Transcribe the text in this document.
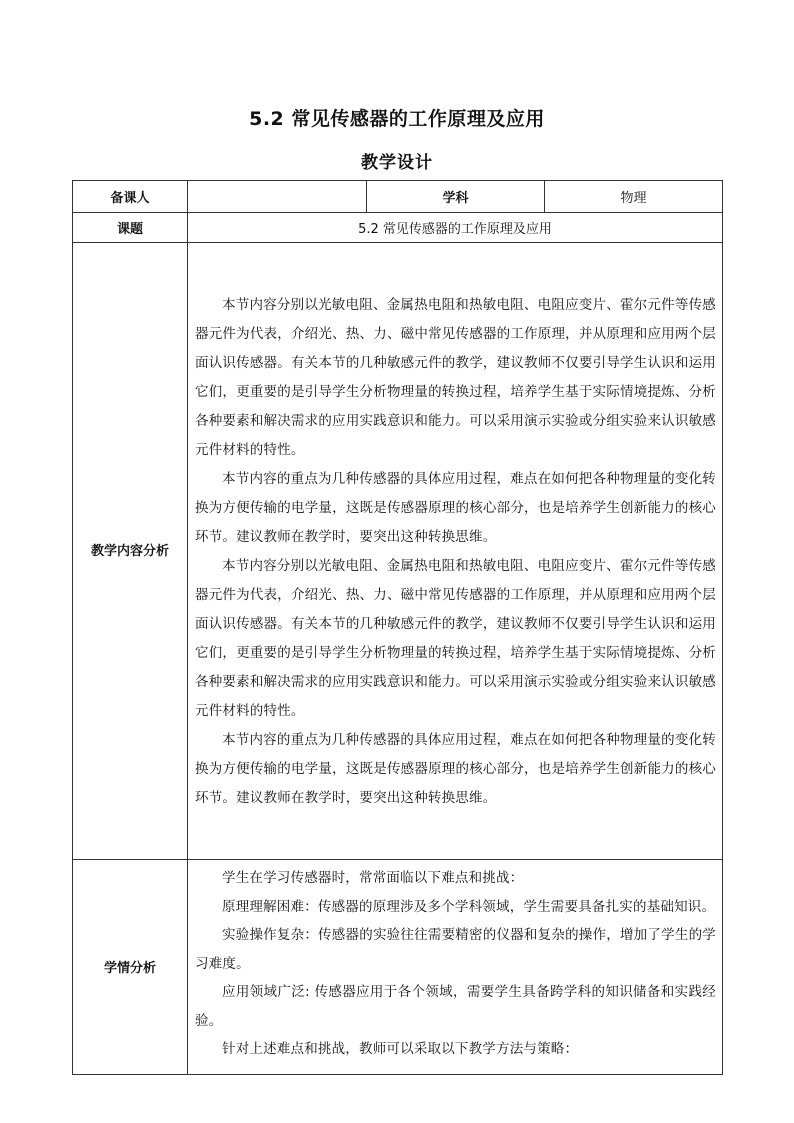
5.2 常见传感器的工作原理及应用
教学设计
备课人		学科	物理
课题	5.2 常见传感器的工作原理及应用		
教学内容分析	本节内容分别以光敏电阻、金属热电阻和热敏电阻、电阻应变片、霍尔元件等传感器元件为代表，介绍光、热、力、磁中常见传感器的工作原理，并从原理和应用两个层面认识传感器。有关本节的几种敏感元件的教学，建议教师不仅要引导学生认识和运用它们，更重要的是引导学生分析物理量的转换过程，培养学生基于实际情境提炼、分析各种要素和解决需求的应用实践意识和能力。可以采用演示实验或分组实验来认识敏感元件材料的特性。

本节内容的重点为几种传感器的具体应用过程，难点在如何把各种物理量的变化转换为方便传输的电学量，这既是传感器原理的核心部分，也是培养学生创新能力的核心环节。建议教师在教学时，要突出这种转换思维。

本节内容分别以光敏电阻、金属热电阻和热敏电阻、电阻应变片、霍尔元件等传感器元件为代表，介绍光、热、力、磁中常见传感器的工作原理，并从原理和应用两个层面认识传感器。有关本节的几种敏感元件的教学，建议教师不仅要引导学生认识和运用它们，更重要的是引导学生分析物理量的转换过程，培养学生基于实际情境提炼、分析各种要素和解决需求的应用实践意识和能力。可以采用演示实验或分组实验来认识敏感元件材料的特性。

本节内容的重点为几种传感器的具体应用过程，难点在如何把各种物理量的变化转换为方便传输的电学量，这既是传感器原理的核心部分，也是培养学生创新能力的核心环节。建议教师在教学时，要突出这种转换思维。		

学情分析	学生在学习传感器时，常常面临以下难点和挑战：

原理理解困难：传感器的原理涉及多个学科领域，学生需要具备扎实的基础知识。

实验操作复杂：传感器的实验往往需要精密的仪器和复杂的操作，增加了学生的学习难度。

应用领域广泛: 传感器应用于各个领域，需要学生具备跨学科的知识储备和实践经验。

针对上述难点和挑战，教师可以采取以下教学方法与策略：		
